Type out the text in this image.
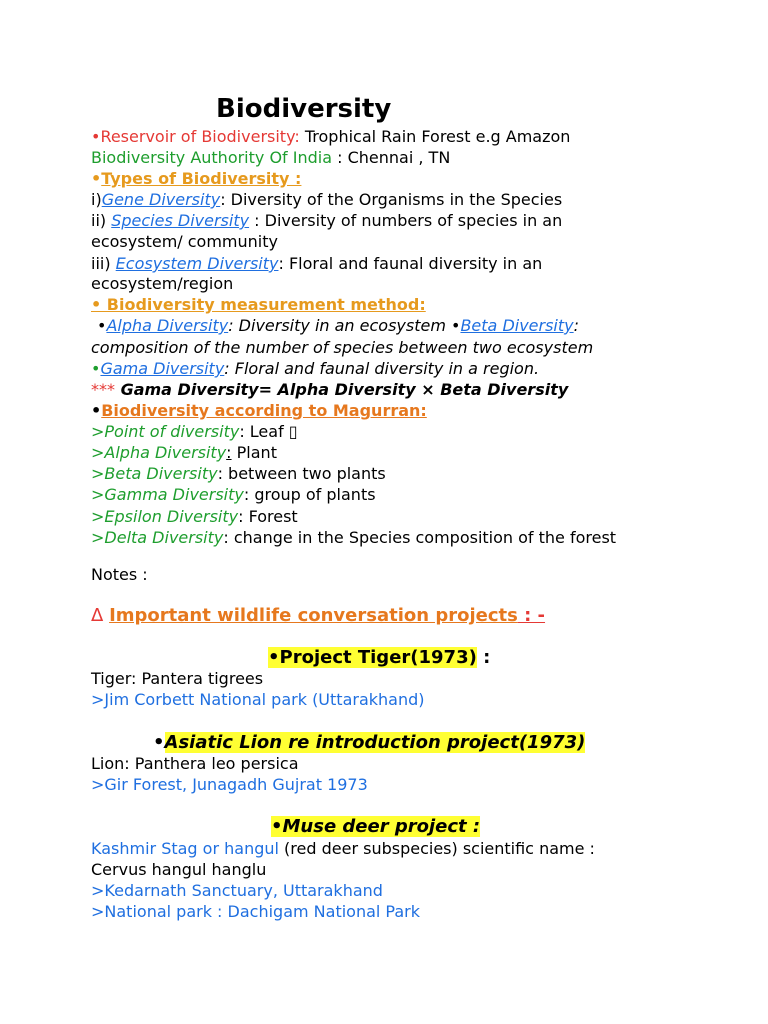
Biodiversity
•Reservoir of Biodiversity: Trophical Rain Forest e.g Amazon
Biodiversity Authority Of India : Chennai , TN
•Types of Biodiversity :
i)Gene Diversity: Diversity of the Organisms in the Species
ii) Species Diversity : Diversity of numbers of species in an
ecosystem/ community
iii) Ecosystem Diversity: Floral and faunal diversity in an
ecosystem/region
• Biodiversity measurement method:
•Alpha Diversity: Diversity in an ecosystem •Beta Diversity:
composition of the number of species between two ecosystem
•Gama Diversity: Floral and faunal diversity in a region.
*** Gama Diversity= Alpha Diversity × Beta Diversity
•Biodiversity according to Magurran:
>Point of diversity: Leaf ▯
>Alpha Diversity: Plant
>Beta Diversity: between two plants
>Gamma Diversity: group of plants
>Epsilon Diversity: Forest
>Delta Diversity: change in the Species composition of the forest
Notes :
Δ Important wildlife conversation projects : -
•Project Tiger(1973) :
Tiger: Pantera tigrees
>Jim Corbett National park (Uttarakhand)
•Asiatic Lion re introduction project(1973)
Lion: Panthera leo persica
>Gir Forest, Junagadh Gujrat 1973
•Muse deer project :
Kashmir Stag or hangul (red deer subspecies) scientific name :
Cervus hangul hanglu
>Kedarnath Sanctuary, Uttarakhand
>National park : Dachigam National Park
